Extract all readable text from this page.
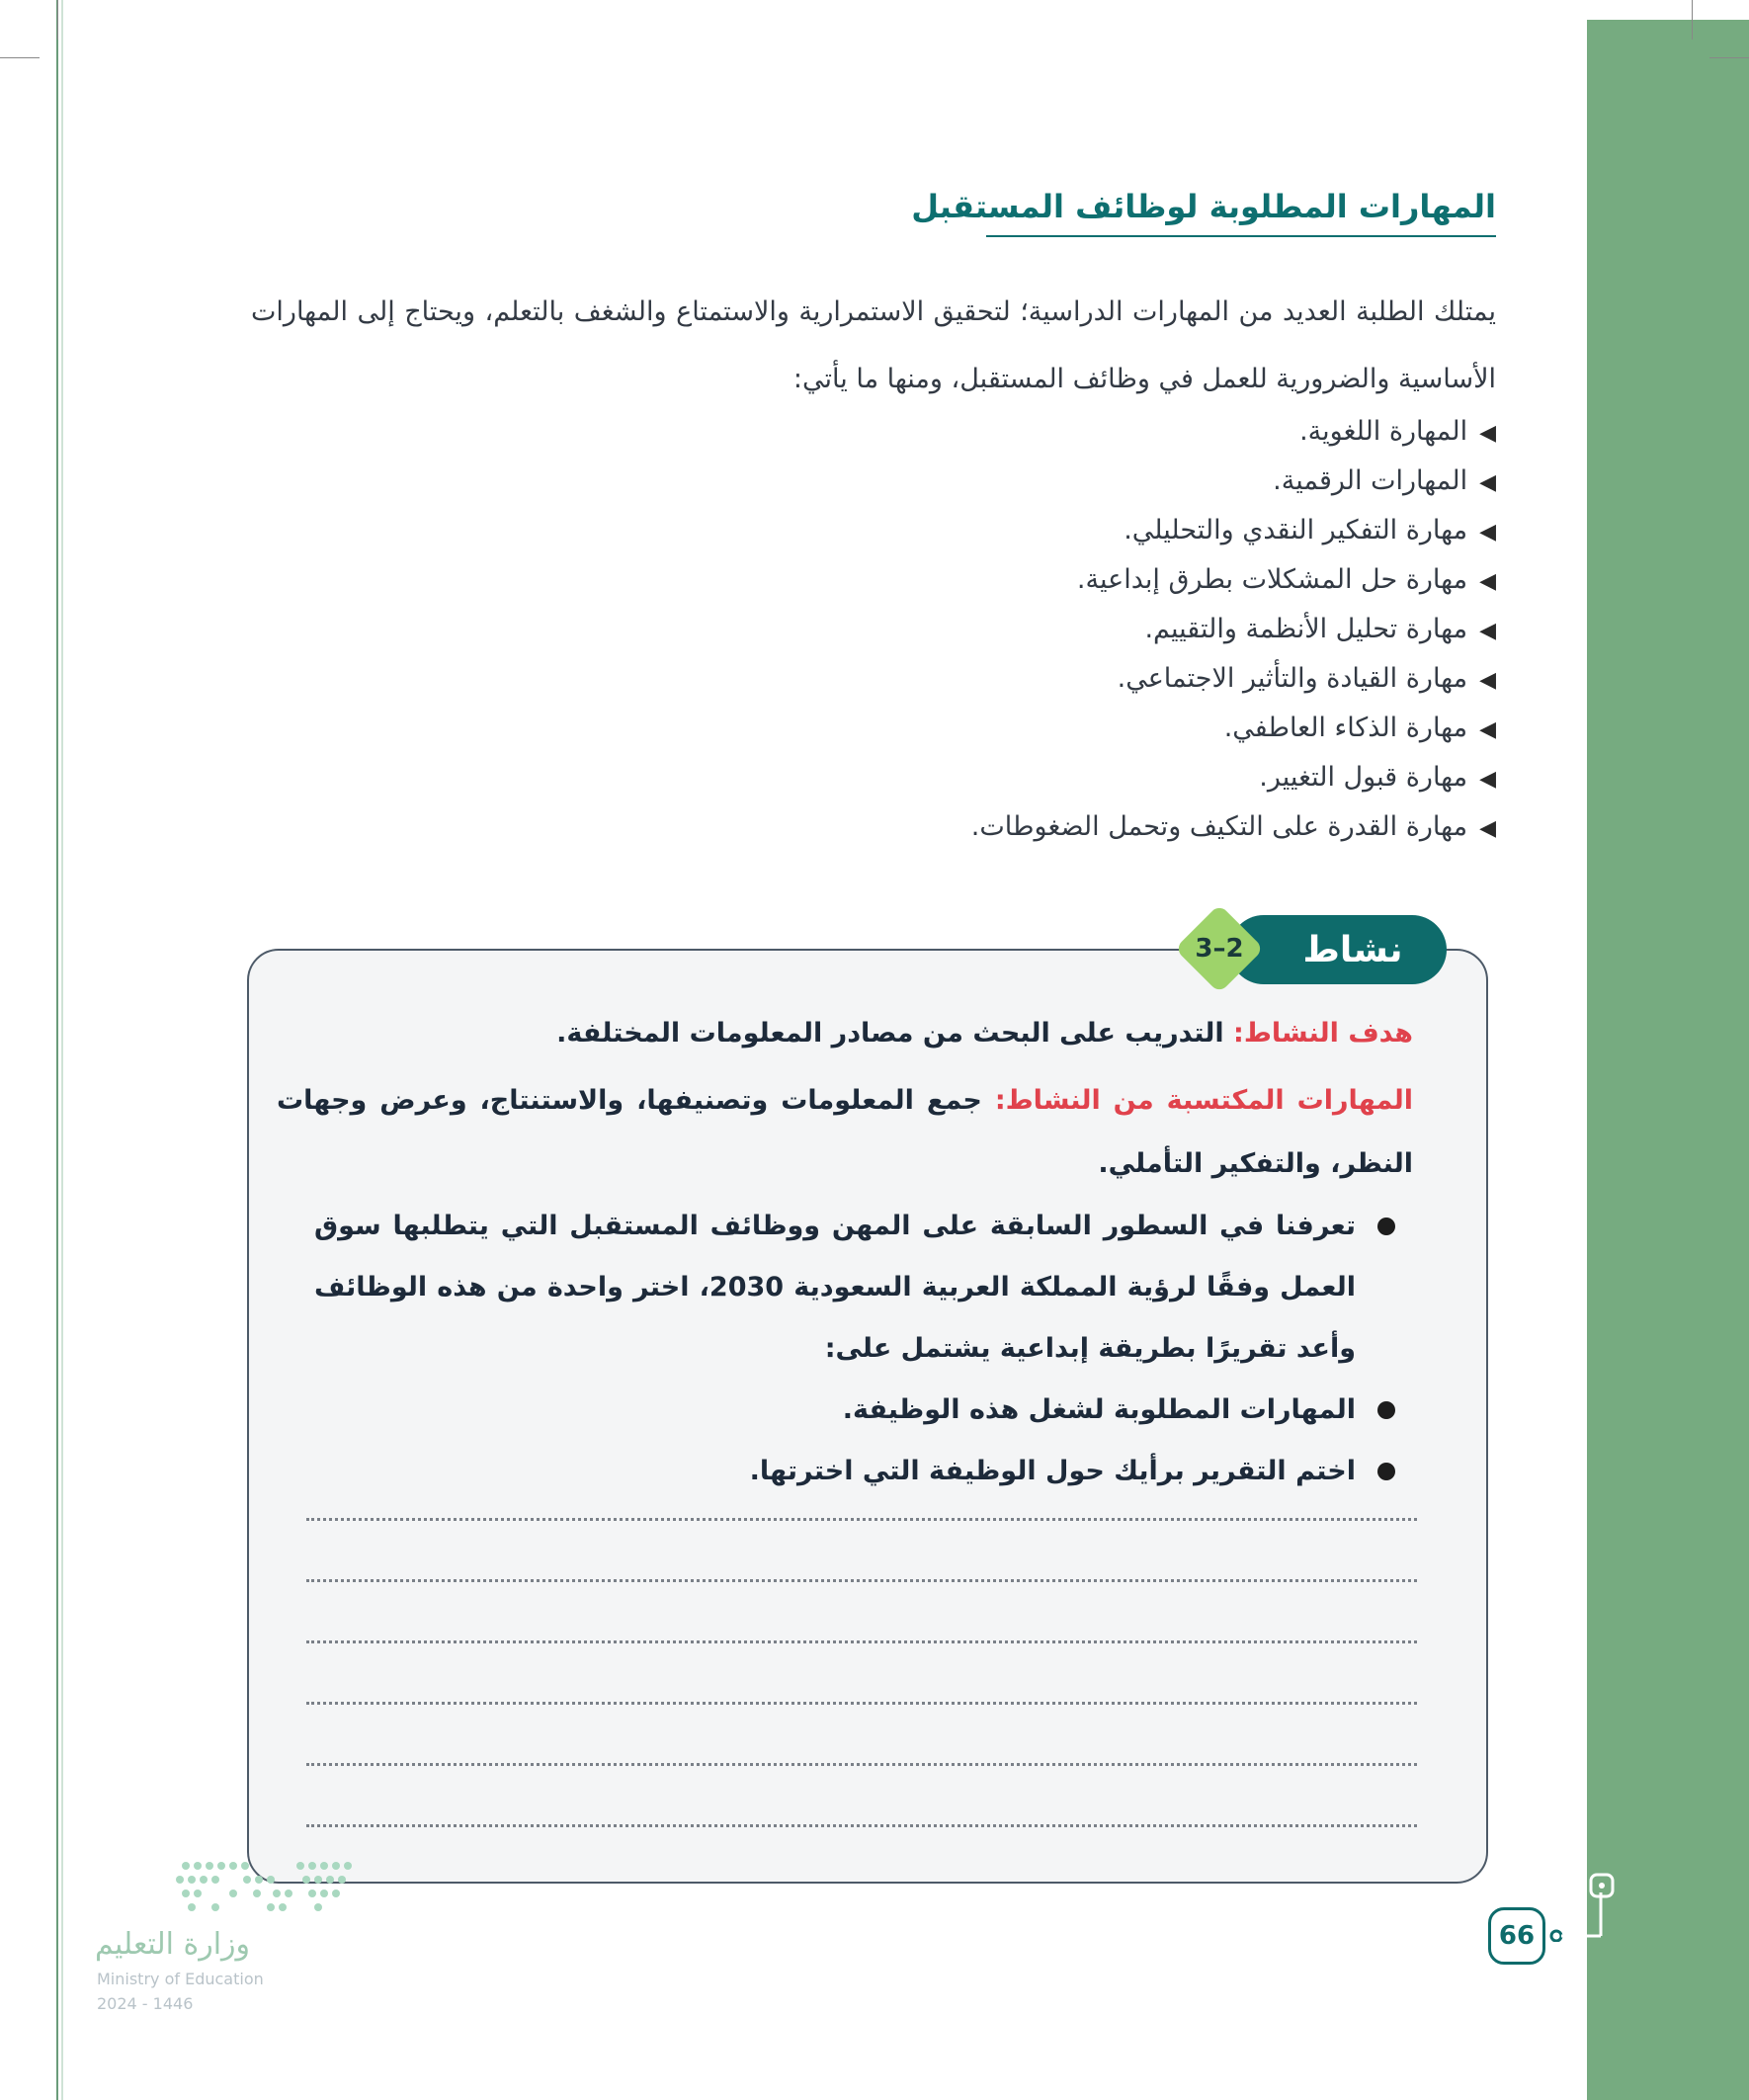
المهارات المطلوبة لوظائف المستقبل
يمتلك الطلبة العديد من المهارات الدراسية؛ لتحقيق الاستمرارية والاستمتاع والشغف بالتعلم، ويحتاج إلى المهارات الأساسية والضرورية للعمل في وظائف المستقبل، ومنها ما يأتي:
◀المهارة اللغوية.
◀المهارات الرقمية.
◀مهارة التفكير النقدي والتحليلي.
◀مهارة حل المشكلات بطرق إبداعية.
◀مهارة تحليل الأنظمة والتقييم.
◀مهارة القيادة والتأثير الاجتماعي.
◀مهارة الذكاء العاطفي.
◀مهارة قبول التغيير.
◀مهارة القدرة على التكيف وتحمل الضغوطات.
نشاط
3–2
هدف النشاط: التدريب على البحث من مصادر المعلومات المختلفة.
المهارات المكتسبة من النشاط: جمع المعلومات وتصنيفها، والاستنتاج، وعرض وجهات النظر، والتفكير التأملي.
تعرفنا في السطور السابقة على المهن ووظائف المستقبل التي يتطلبها سوق العمل وفقًا لرؤية المملكة العربية السعودية 2030، اختر واحدة من هذه الوظائف وأعد تقريرًا بطريقة إبداعية يشتمل على:
المهارات المطلوبة لشغل هذه الوظيفة.
اختم التقرير برأيك حول الوظيفة التي اخترتها.
66
وزارة التعليم
Ministry of Education
2024 - 1446
